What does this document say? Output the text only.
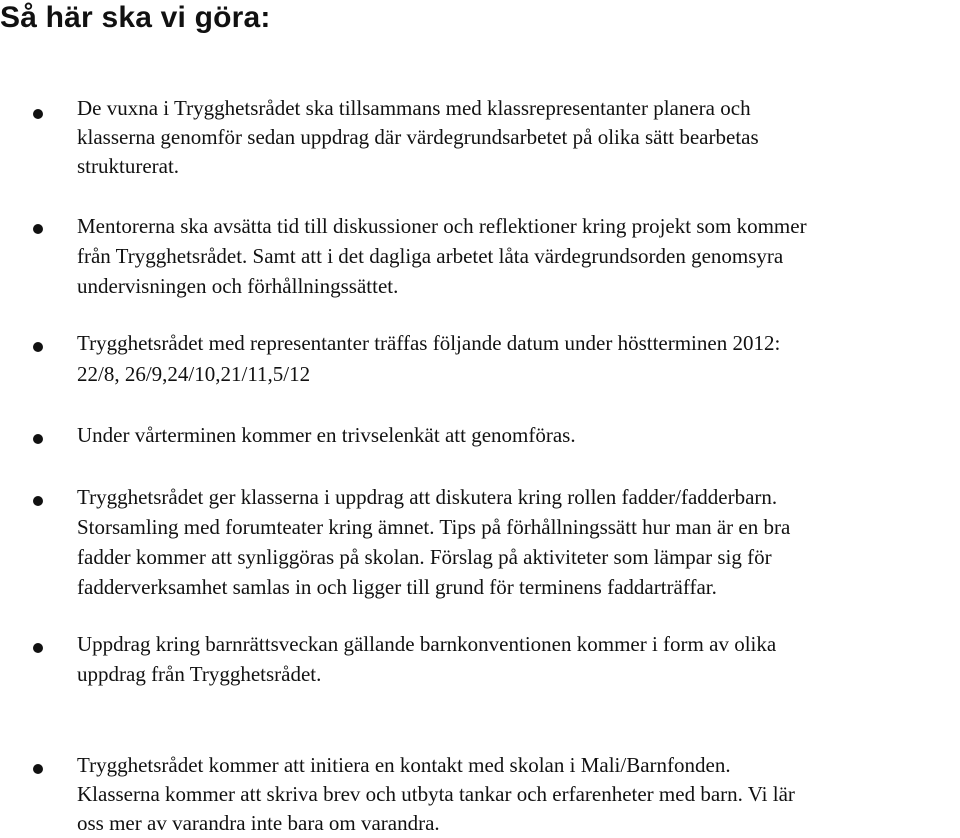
Så här ska vi göra:

De vuxna i Trygghetsrådet ska tillsammans med klassrepresentanter planera och

klasserna genomför sedan uppdrag där värdegrundsarbetet på olika sätt bearbetas

strukturerat.

Mentorerna ska avsätta tid till diskussioner och reflektioner kring projekt som kommer

från Trygghetsrådet. Samt att i det dagliga arbetet låta värdegrundsorden genomsyra

undervisningen och förhållningssättet.

Trygghetsrådet med representanter träffas följande datum under höstterminen 2012:

22/8, 26/9,24/10,21/11,5/12

Under vårterminen kommer en trivselenkät att genomföras.

Trygghetsrådet ger klasserna i uppdrag att diskutera kring rollen fadder/fadderbarn.

Storsamling med forumteater kring ämnet. Tips på förhållningssätt hur man är en bra

fadder kommer att synliggöras på skolan. Förslag på aktiviteter som lämpar sig för

fadderverksamhet samlas in och ligger till grund för terminens faddarträffar.

Uppdrag kring barnrättsveckan gällande barnkonventionen kommer i form av olika

uppdrag från Trygghetsrådet.

Trygghetsrådet kommer att initiera en kontakt med skolan i Mali/Barnfonden.

Klasserna kommer att skriva brev och utbyta tankar och erfarenheter med barn. Vi lär

oss mer av varandra inte bara om varandra.
